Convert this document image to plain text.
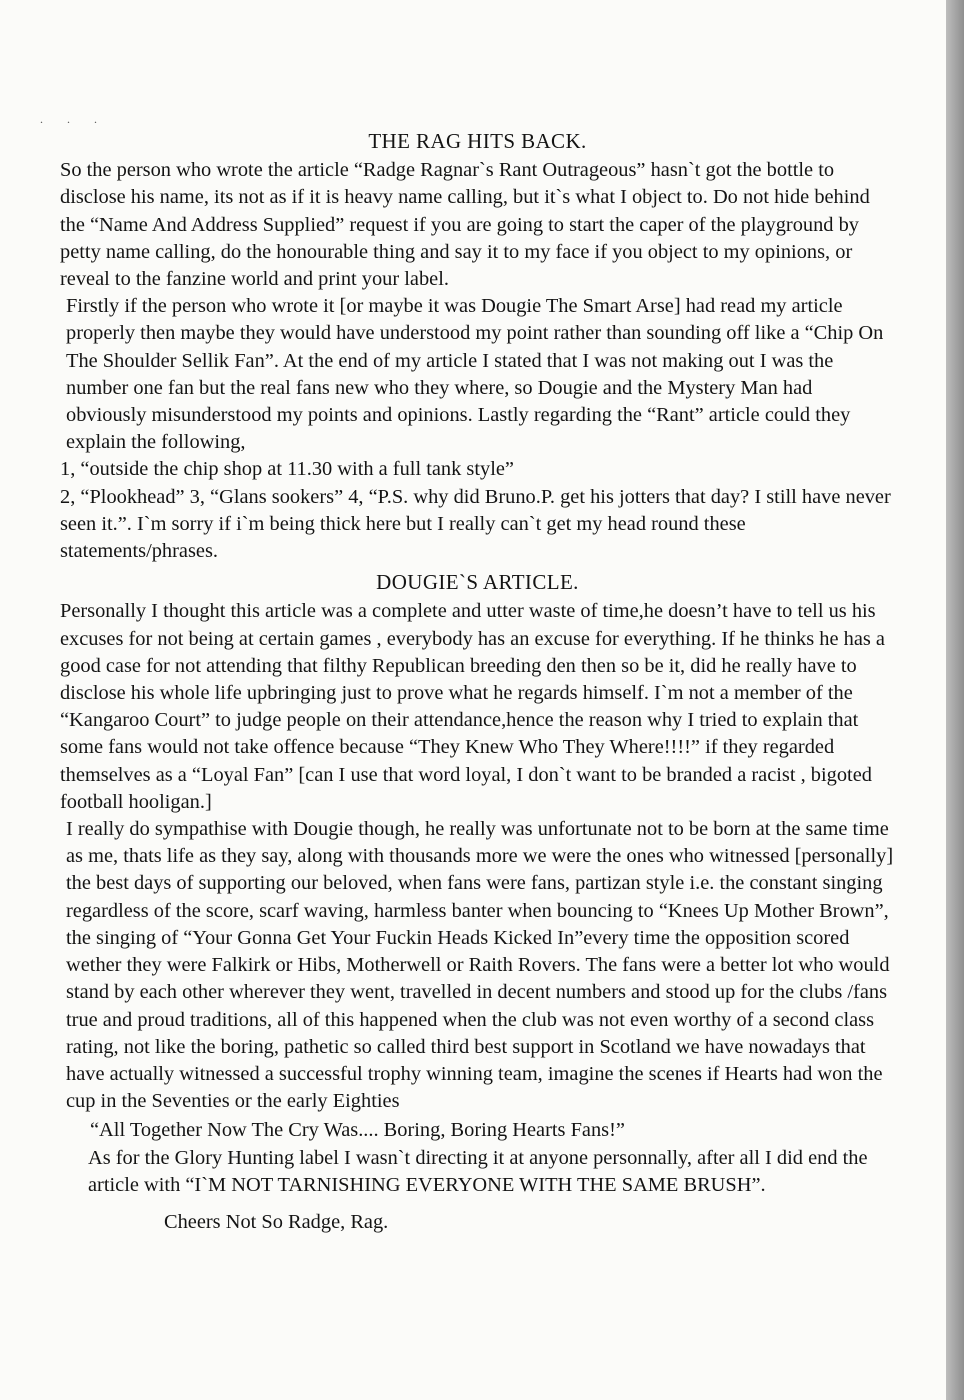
.  .  .
THE RAG HITS BACK.

So the person who wrote the article “Radge Ragnar`s Rant Outrageous” hasn`t got the bottle to disclose his name, its not as if it is heavy name calling, but it`s what I object to. Do not hide behind the “Name And Address Supplied” request if you are going to start the caper of the playground by petty name calling, do the honourable thing and say it to my face if you object to my opinions, or reveal to the fanzine world and print your label.

Firstly if the person who wrote it [or maybe it was Dougie The Smart Arse] had read my article properly then maybe they would have understood my point rather than sounding off like a “Chip On The Shoulder Sellik Fan”. At the end of my article I stated that I was not making out I was the number one fan but the real fans new who they where, so Dougie and the Mystery Man had obviously misunderstood my points and opinions. Lastly regarding the “Rant” article could they explain the following,

1, “outside the chip shop at 11.30 with a full tank style”

2, “Plookhead” 3, “Glans sookers” 4, “P.S. why did Bruno.P. get his jotters that day? I still have never seen it.”. I`m sorry if i`m being thick here but I really can`t get my head round these statements/phrases.

DOUGIE`S ARTICLE.

Personally I thought this article was a complete and utter waste of time,he doesn’t have to tell us his excuses for not being at certain games , everybody has an excuse for everything. If he thinks he has a good case for not attending that filthy Republican breeding den then so be it, did he really have to disclose his whole life upbringing just to prove what he regards himself. I`m not a member of the “Kangaroo Court” to judge people on their attendance,hence the reason why I tried to explain that some fans would not take offence because “They Knew Who They Where!!!!” if they regarded themselves as a “Loyal Fan” [can I use that word loyal, I don`t want to be branded a racist , bigoted football hooligan.]

I really do sympathise with Dougie though, he really was unfortunate not to be born at the same time as me, thats life as they say, along with thousands more we were the ones who witnessed [personally] the best days of supporting our beloved, when fans were fans, partizan style i.e. the constant singing regardless of the score, scarf waving, harmless banter when bouncing to “Knees Up Mother Brown”, the singing of “Your Gonna Get Your Fuckin Heads Kicked In”every time the opposition scored wether they were Falkirk or Hibs, Motherwell or Raith Rovers. The fans were a better lot who would stand by each other wherever they went, travelled in decent numbers and stood up for the clubs /fans true and proud traditions, all of this happened when the club was not even worthy of a second class rating, not like the boring, pathetic so called third best support in Scotland we have nowadays that have actually witnessed a successful trophy winning team, imagine the scenes if Hearts had won the cup in the Seventies or the early Eighties

“All Together Now The Cry Was.... Boring, Boring Hearts Fans!”

As for the Glory Hunting label I wasn`t directing it at anyone personnally, after all I did end the article with “I`M NOT TARNISHING EVERYONE WITH THE SAME BRUSH”.

Cheers Not So Radge, Rag.
